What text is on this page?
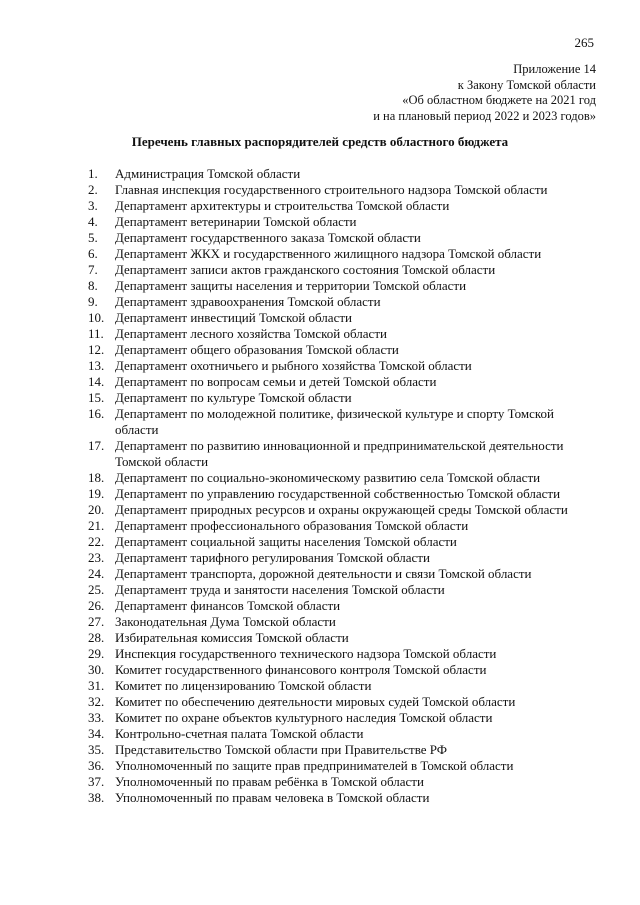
265
Приложение 14
к Закону Томской области
«Об областном бюджете на 2021 год
и на плановый период 2022 и 2023 годов»
Перечень главных распорядителей средств областного бюджета
1.	Администрация Томской области
2.	Главная инспекция государственного строительного надзора Томской области
3.	Департамент архитектуры и строительства Томской области
4.	Департамент ветеринарии Томской области
5.	Департамент государственного заказа Томской области
6.	Департамент ЖКХ и государственного жилищного надзора Томской области
7.	Департамент записи актов гражданского состояния Томской области
8.	Департамент защиты населения и территории Томской области
9.	Департамент здравоохранения Томской области
10. Департамент инвестиций Томской области
11. Департамент лесного хозяйства Томской области
12. Департамент общего образования Томской области
13. Департамент охотничьего и рыбного хозяйства Томской области
14. Департамент по вопросам семьи и детей Томской области
15. Департамент по культуре Томской области
16. Департамент по молодежной политике, физической культуре и спорту Томской области
17. Департамент по развитию инновационной и предпринимательской деятельности Томской области
18. Департамент по социально-экономическому развитию села Томской области
19. Департамент по управлению государственной собственностью Томской области
20. Департамент природных ресурсов и охраны окружающей среды Томской области
21. Департамент профессионального образования Томской области
22. Департамент социальной защиты населения Томской области
23. Департамент тарифного регулирования Томской области
24. Департамент транспорта, дорожной деятельности и связи Томской области
25. Департамент труда и занятости населения Томской области
26. Департамент финансов Томской области
27. Законодательная Дума Томской области
28. Избирательная комиссия Томской области
29. Инспекция государственного технического надзора Томской области
30. Комитет государственного финансового контроля Томской области
31. Комитет по лицензированию Томской области
32. Комитет по обеспечению деятельности мировых судей Томской области
33. Комитет по охране объектов культурного наследия Томской области
34. Контрольно-счетная палата Томской области
35. Представительство Томской области при Правительстве РФ
36. Уполномоченный по защите прав предпринимателей в Томской области
37. Уполномоченный по правам ребёнка в Томской области
38. Уполномоченный по правам человека в Томской области
